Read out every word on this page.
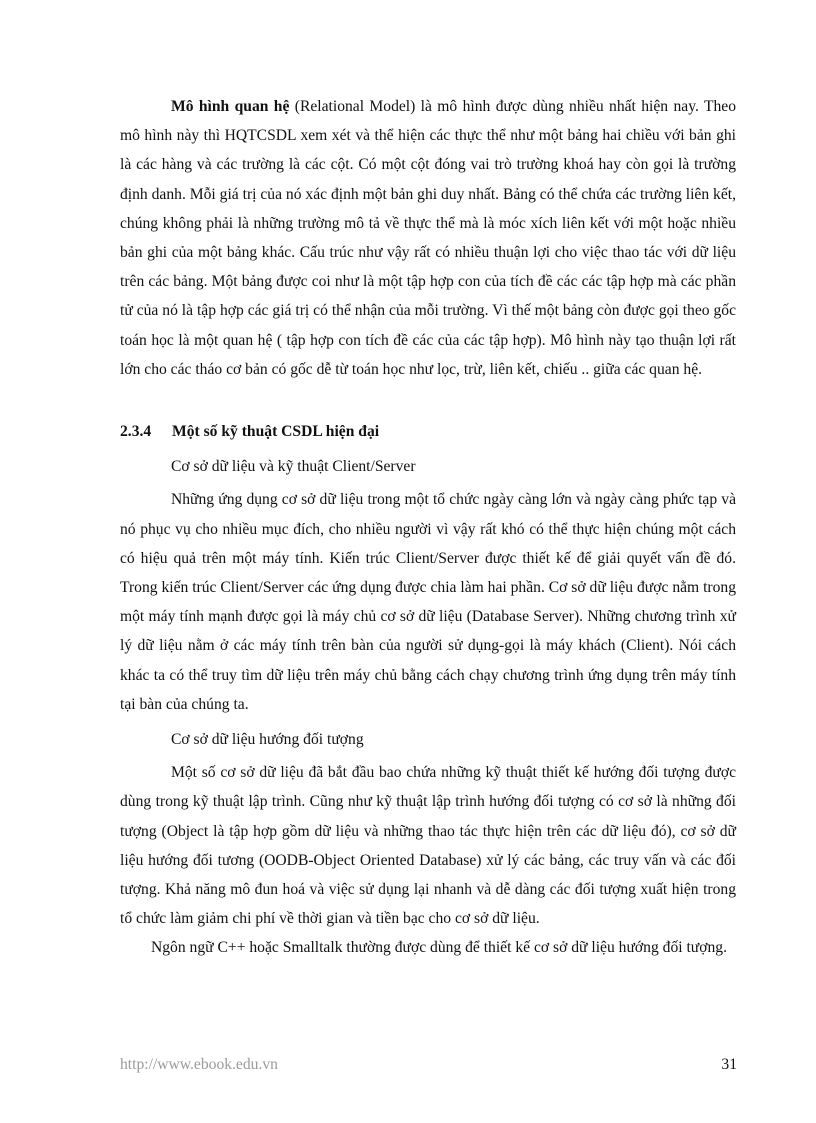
Mô hình quan hệ (Relational Model) là mô hình được dùng nhiều nhất hiện nay. Theo mô hình này thì HQTCSDL xem xét và thể hiện các thực thể như một bảng hai chiều với bản ghi là các hàng và các trường là các cột. Có một cột đóng vai trò trường khoá hay còn gọi là trường định danh. Mỗi giá trị của nó xác định một bản ghi duy nhất. Bảng có thể chứa các trường liên kết, chúng không phải là những trường mô tả về thực thể mà là móc xích liên kết với một hoặc nhiều bản ghi của một bảng khác. Cấu trúc như vậy rất có nhiều thuận lợi cho việc thao tác với dữ liệu trên các bảng. Một bảng được coi như là một tập hợp con của tích đề các các tập hợp mà các phần tử của nó là tập hợp các giá trị có thể nhận của mỗi trường. Vì thế một bảng còn được gọi theo gốc toán học là một quan hệ ( tập hợp con tích đề các của các tập hợp). Mô hình này tạo thuận lợi rất lớn cho các tháo cơ bản có gốc dễ từ toán học như lọc, trừ, liên kết, chiếu .. giữa các quan hệ.

2.3.4 Một số kỹ thuật CSDL hiện đại

Cơ sở dữ liệu và kỹ thuật Client/Server

Những ứng dụng cơ sở dữ liệu trong một tổ chức ngày càng lớn và ngày càng phức tạp và nó phục vụ cho nhiều mục đích, cho nhiều người vì vậy rất khó có thể thực hiện chúng một cách có hiệu quả trên một máy tính. Kiến trúc Client/Server được thiết kế để giải quyết vấn đề đó. Trong kiến trúc Client/Server các ứng dụng được chia làm hai phần. Cơ sở dữ liệu được nằm trong một máy tính mạnh được gọi là máy chủ cơ sở dữ liệu (Database Server). Những chương trình xử lý dữ liệu nằm ở các máy tính trên bàn của người sử dụng-gọi là máy khách (Client). Nói cách khác ta có thể truy tìm dữ liệu trên máy chủ bằng cách chạy chương trình ứng dụng trên máy tính tại bàn của chúng ta.

Cơ sở dữ liệu hướng đối tượng

Một số cơ sở dữ liệu đã bắt đầu bao chứa những kỹ thuật thiết kế hướng đối tượng được dùng trong kỹ thuật lập trình. Cũng như kỹ thuật lập trình hướng đối tượng có cơ sở là những đối tượng (Object là tập hợp gồm dữ liệu và những thao tác thực hiện trên các dữ liệu đó), cơ sở dữ liệu hướng đối tương (OODB-Object Oriented Database) xử lý các bảng, các truy vấn và các đối tượng. Khả năng mô đun hoá và việc sử dụng lại nhanh và dễ dàng các đối tượng xuất hiện trong tổ chức làm giảm chi phí về thời gian và tiền bạc cho cơ sở dữ liệu.

Ngôn ngữ C++ hoặc Smalltalk thường được dùng để thiết kế cơ sở dữ liệu hướng đối tượng.

http://www.ebook.edu.vn	31
